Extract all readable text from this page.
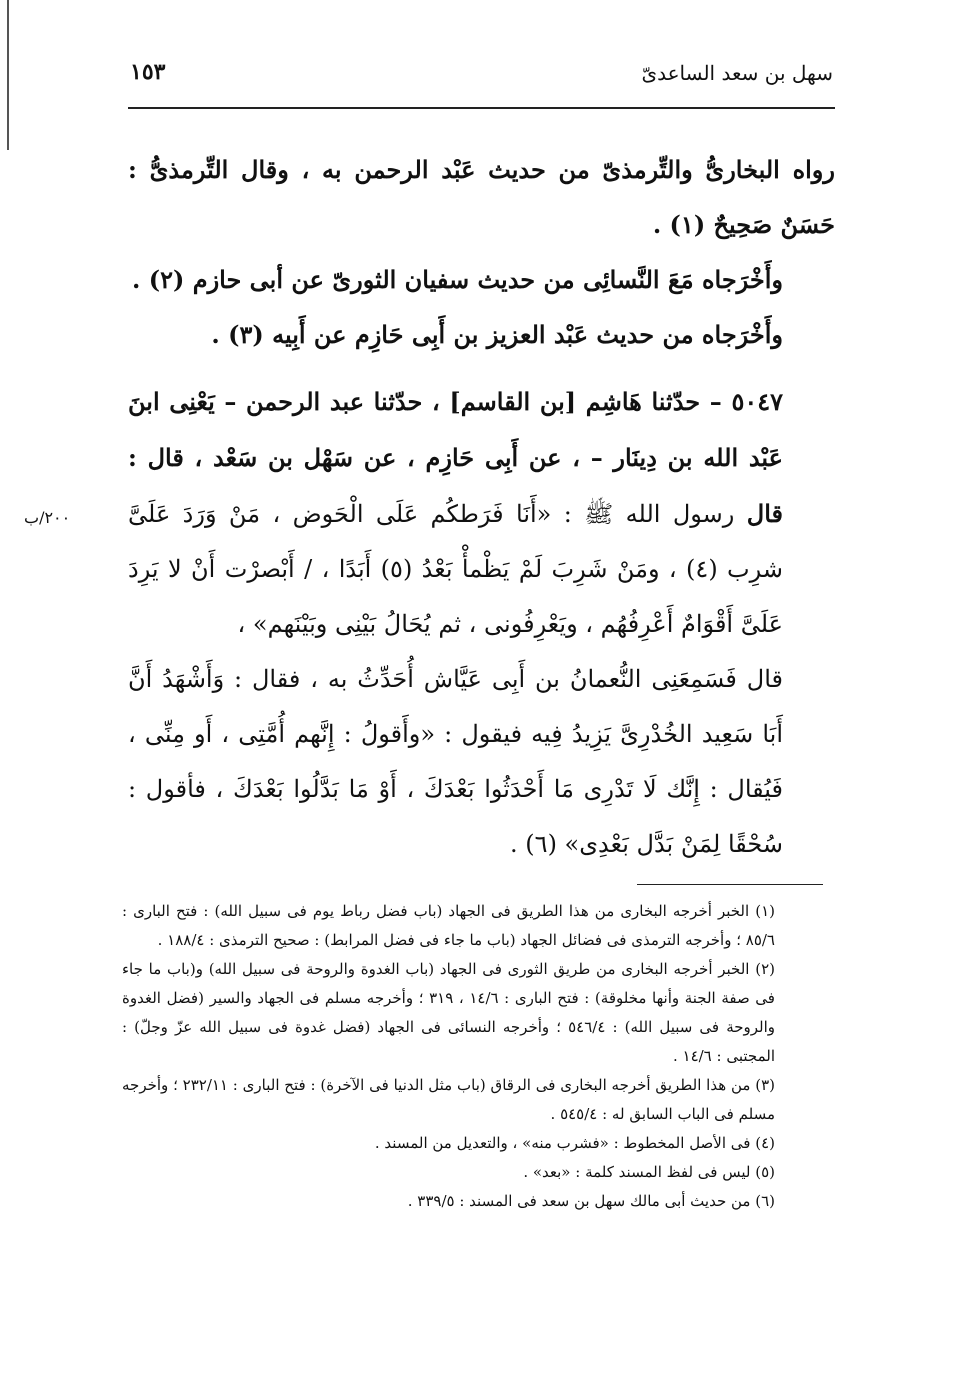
سهل بن سعد الساعدىّ
١٥٣

رواه البخارىُّ والتِّرمذىّ من حديث عَبْد الرحمن به ، وقال التِّرمذىُّ : حَسَنٌ صَحِيحٌ (١) .

وأَخْرَجاه مَعَ النَّسائِى من حديث سفيان الثورىّ عن أبى حازم (٢) .

وأَخْرَجاه من حديث عَبْد العزيز بن أَبِى حَازِم عن أَبِيه (٣) .

٥٠٤٧ – حدّثنا هَاشِم [بن القاسم] ، حدّثنا عبد الرحمن – يَعْنِى ابنَ عَبْد الله بن دِينَار – ، عن أَبِى حَازِم ، عن سَهْل بن سَعْد ، قال : قال رسول الله ﷺ : «أَنَا فَرَطكُم عَلَى الْحَوض ، مَنْ وَرَدَ عَلَىَّ شرِب (٤) ، ومَنْ شَرِبَ لَمْ يَظْمأْ بَعْدُ (٥) أَبَدًا ، / أَبْصرْت أَنْ لا يَرِدَ عَلَىَّ أَقْوَامٌ أَعْرِفُهُم ، ويَعْرِفُونى ، ثم يُحَالُ بَيْنِى وبَيْنَهم» ،

قال فَسَمِعَنِى النُّعمانُ بن أَبِى عَيَّاش أُحَدِّثُ به ، فقال : وَأَشْهَدُ أَنَّ أَبَا سَعِيد الخُدْرِىَّ يَزِيدُ فِيه فيقول : «وأَقولُ : إِنَّهم أُمَّتِى ، أَو مِنِّى ، فَيُقال : إِنَّك لَا تَدْرِى مَا أَحْدَثُوا بَعْدَكَ ، أَوْ مَا بَدَّلُوا بَعْدَكَ ، فأقول : سُحْقًا لِمَنْ بَدَّل بَعْدِى» (٦) .

٢٠٠/ب

(١) الخبر أخرجه البخارى من هذا الطريق فى الجهاد (باب فضل رباط يوم فى سبيل الله) : فتح البارى : ٨٥/٦ ؛ وأخرجه الترمذى فى فضائل الجهاد (باب ما جاء فى فضل المرابط) : صحيح الترمذى : ١٨٨/٤ .

(٢) الخبر أخرجه البخارى من طريق الثورى فى الجهاد (باب الغدوة والروحة فى سبيل الله) و(باب ما جاء فى صفة الجنة وأنها مخلوقة) : فتح البارى : ١٤/٦ ، ٣١٩ ؛ وأخرجه مسلم فى الجهاد والسير (فضل الغدوة والروحة فى سبيل الله) : ٥٤٦/٤ ؛ وأخرجه النسائى فى الجهاد (فضل غدوة فى سبيل الله عزّ وجلّ) : المجتبى : ١٤/٦ .

(٣) من هذا الطريق أخرجه البخارى فى الرقاق (باب مثل الدنيا فى الآخرة) : فتح البارى : ٢٣٢/١١ ؛ وأخرجه مسلم فى الباب السابق له : ٥٤٥/٤ .

(٤) فى الأصل المخطوط : «فشرب منه» ، والتعديل من المسند .

(٥) ليس فى لفظ المسند كلمة : «بعد» .

(٦) من حديث أبى مالك سهل بن سعد فى المسند : ٣٣٩/٥ .
